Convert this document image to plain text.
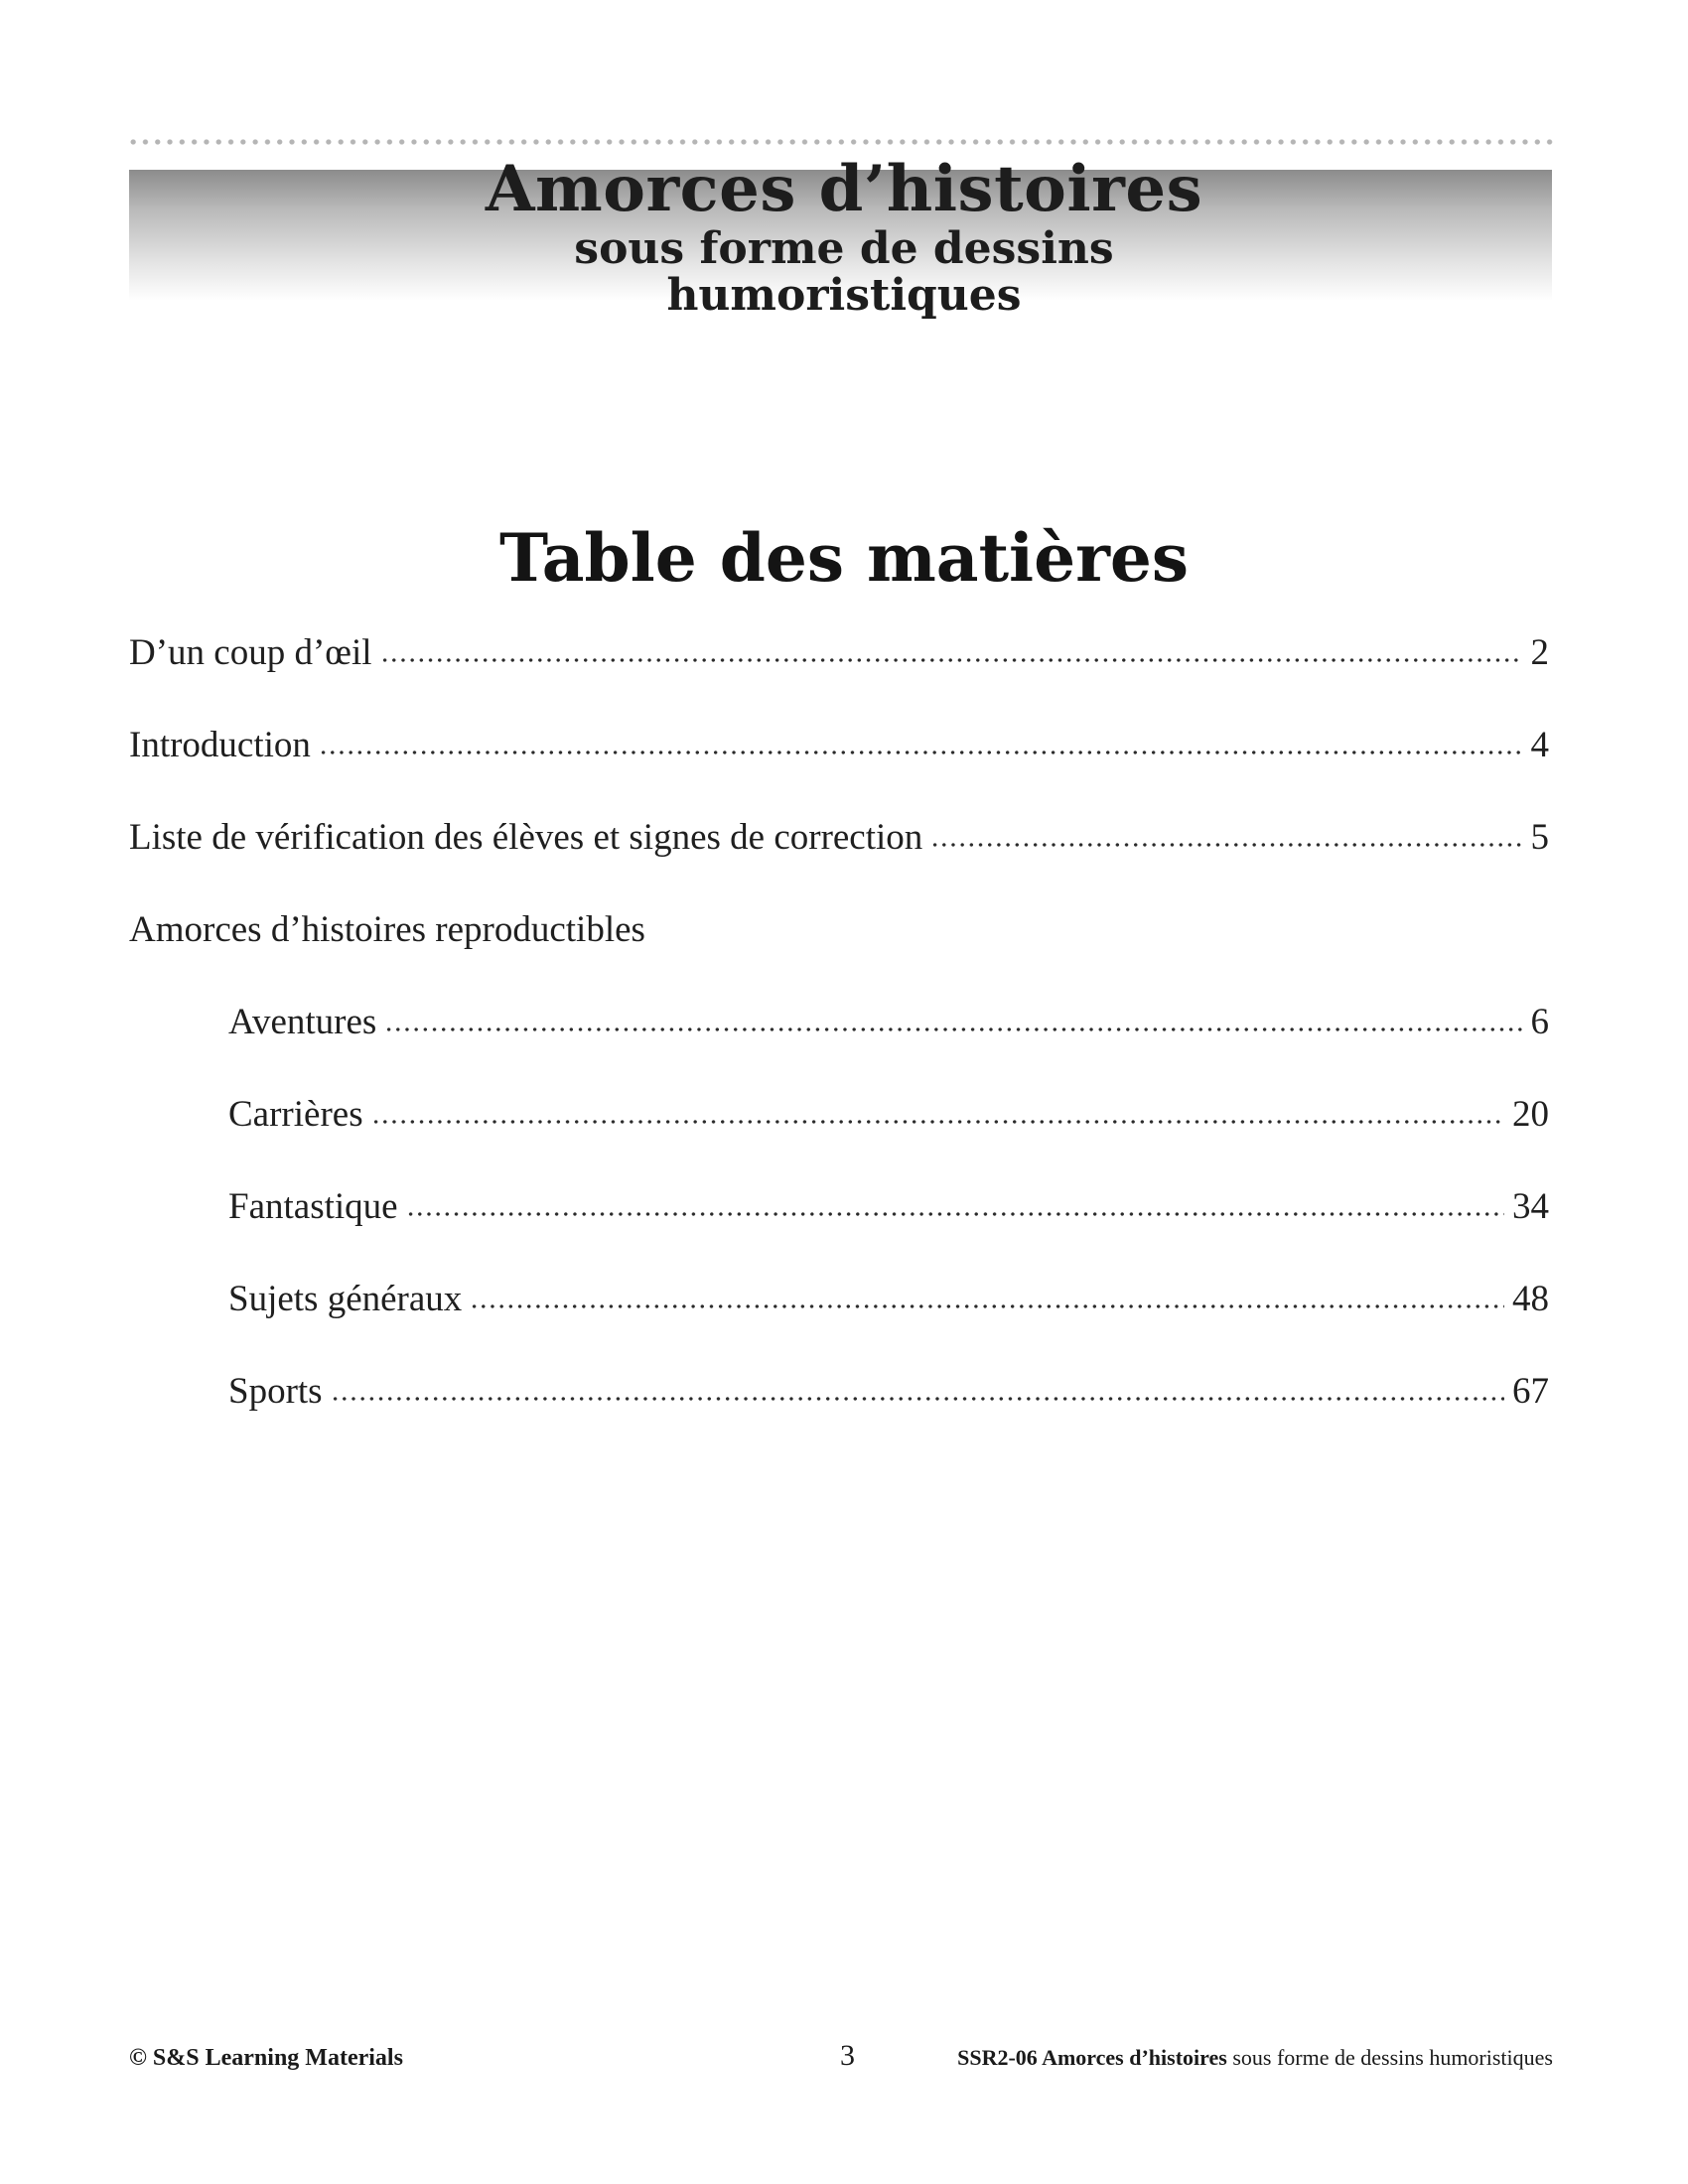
Amorces d’histoires
sous forme de dessins
humoristiques
Table des matières
D’un coup d’œil	2
Introduction	4
Liste de vérification des élèves et signes de correction	5
Amorces d’histoires reproductibles
Aventures	6
Carrières	20
Fantastique	34
Sujets généraux	48
Sports	67
© S&S Learning Materials	3	SSR2-06 Amorces d’histoires sous forme de dessins humoristiques
